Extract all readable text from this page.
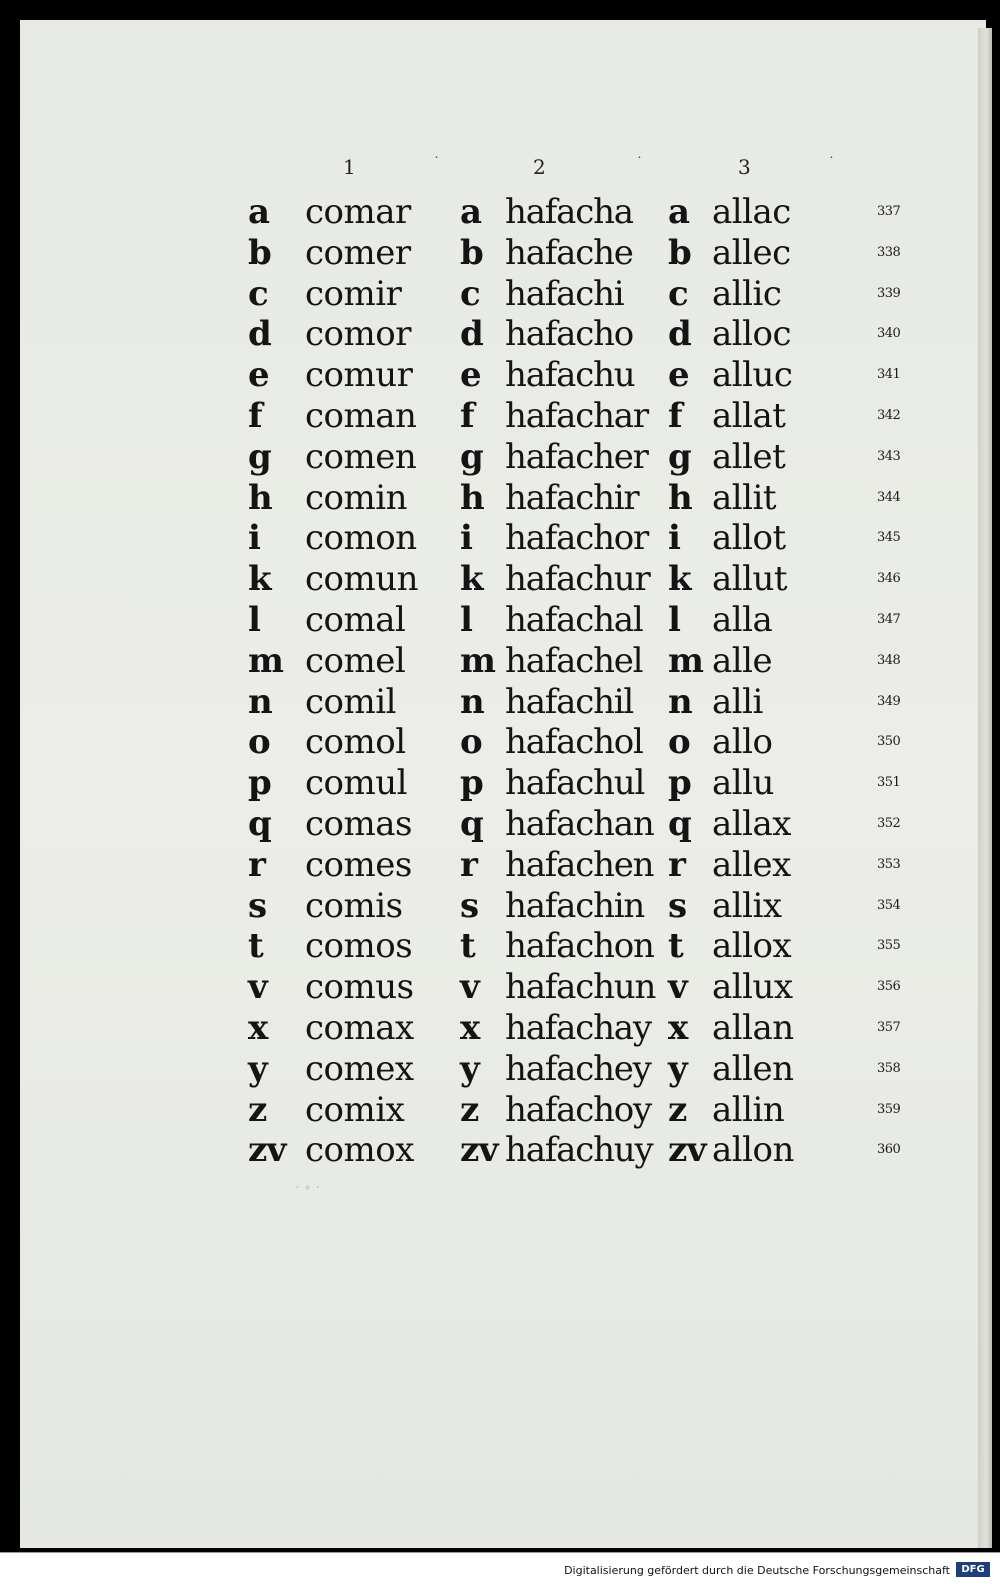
1	˙	2	˙	3	˙
a comar a hafacha a allac	337
b comer b hafache b allec	338
c comir c hafachi c allic	339
d comor d hafacho d alloc	340
e comur e hafachu e alluc	341
f coman f hafachar f allat	342
g comen g hafacher g allet	343
h comin h hafachir h allit	344
i comon i hafachor i allot	345
k comun k hafachur k allut	346
l comal l hafachal l alla	347
m comel m hafachel m alle	348
n comil n hafachil n alli	349
o comol o hafachol o allo	350
p comul p hafachul p allu	351
q comas q hafachan q allax	352
r comes r hafachen r allex	353
s comis s hafachin s allix	354
t comos t hafachon t allox	355
v comus v hafachun v allux	356
x comax x hafachay x allan	357
y comex y hafachey y allen	358
z comix z hafachoy z allin	359
zv comox zv hafachuy zv allon	360
⋅ ∘ ⋅
Digitalisierung gefördert durch die Deutsche Forschungsgemeinschaft	DFG
